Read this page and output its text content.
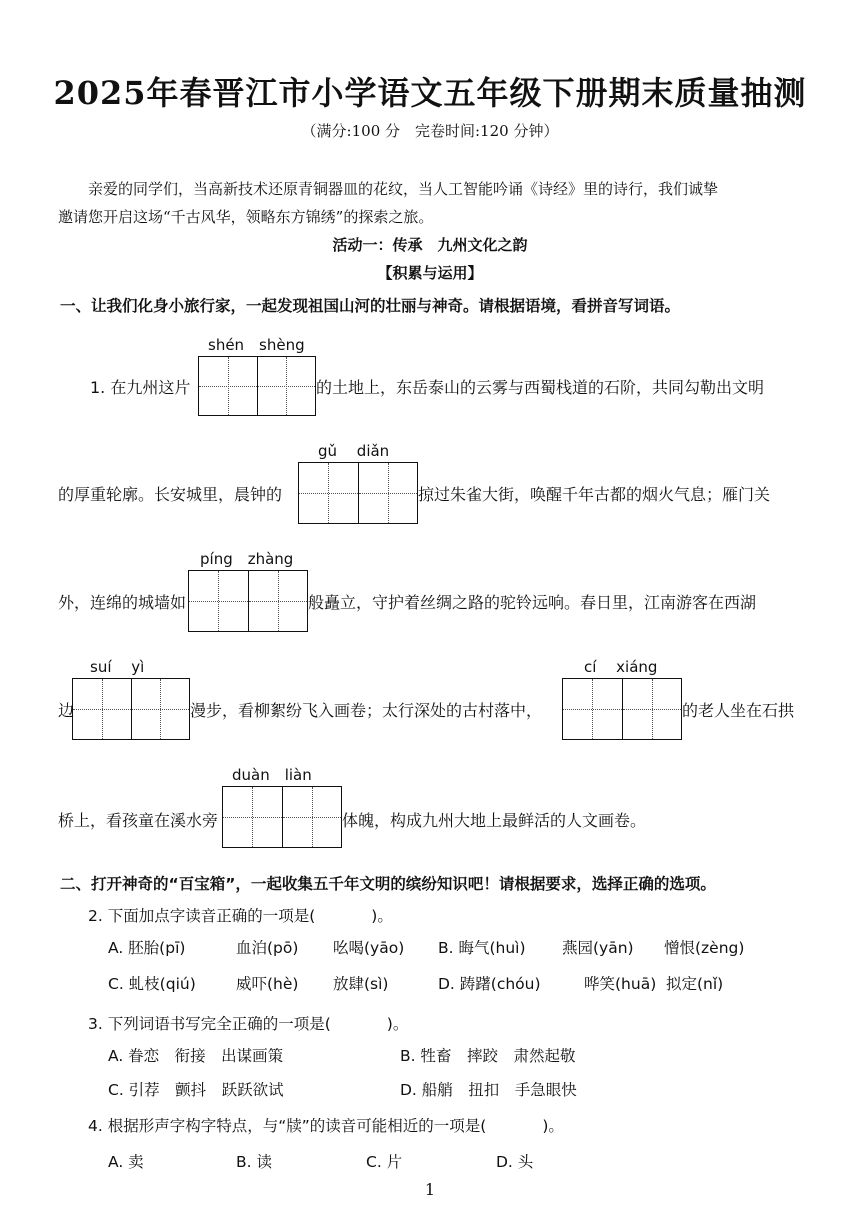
2025年春晋江市小学语文五年级下册期末质量抽测
（满分:100 分　完卷时间:120 分钟）
亲爱的同学们，当高新技术还原青铜器皿的花纹，当人工智能吟诵《诗经》里的诗行，我们诚挚
邀请您开启这场“千古风华，领略东方锦绣”的探索之旅。
活动一：传承　九州文化之韵
【积累与运用】
一、让我们化身小旅行家，一起发现祖国山河的壮丽与神奇。请根据语境，看拼音写词语。
shén　shèng
1. 在九州这片	的土地上，东岳泰山的云雾与西蜀栈道的石阶，共同勾勒出文明
gǔ　 diǎn
的厚重轮廓。长安城里，晨钟的	掠过朱雀大街，唤醒千年古都的烟火气息；雁门关
píng　zhàng
外，连绵的城墙如	般矗立，守护着丝绸之路的驼铃远响。春日里，江南游客在西湖
suí　 yì	cí　 xiáng
边	漫步，看柳絮纷飞入画卷；太行深处的古村落中，	的老人坐在石拱
duàn　liàn
桥上，看孩童在溪水旁	体魄，构成九州大地上最鲜活的人文画卷。
二、打开神奇的“百宝箱”，一起收集五千年文明的缤纷知识吧！请根据要求，选择正确的选项。
2. 下面加点字读音正确的一项是(	)。
A. 胚胎(pī)	血泊(pō) 吆喝(yāo) B. 晦气(huì) 燕园(yān) 憎恨(zèng)
C. 虬枝(qiú)	威吓(hè) 放肆(sì)	D. 踌躇(chóu)	哗笑(huā) 拟定(nǐ)
3. 下列词语书写完全正确的一项是(	)。
A. 眷恋　衔接　出谋画策	B. 牲畜　摔跤　肃然起敬
C. 引荐　颤抖　跃跃欲试	D. 船艄　扭扣　手急眼快
4. 根据形声字构字特点，与“牍”的读音可能相近的一项是(	)。
A. 卖	B. 读	C. 片	D. 头
1
